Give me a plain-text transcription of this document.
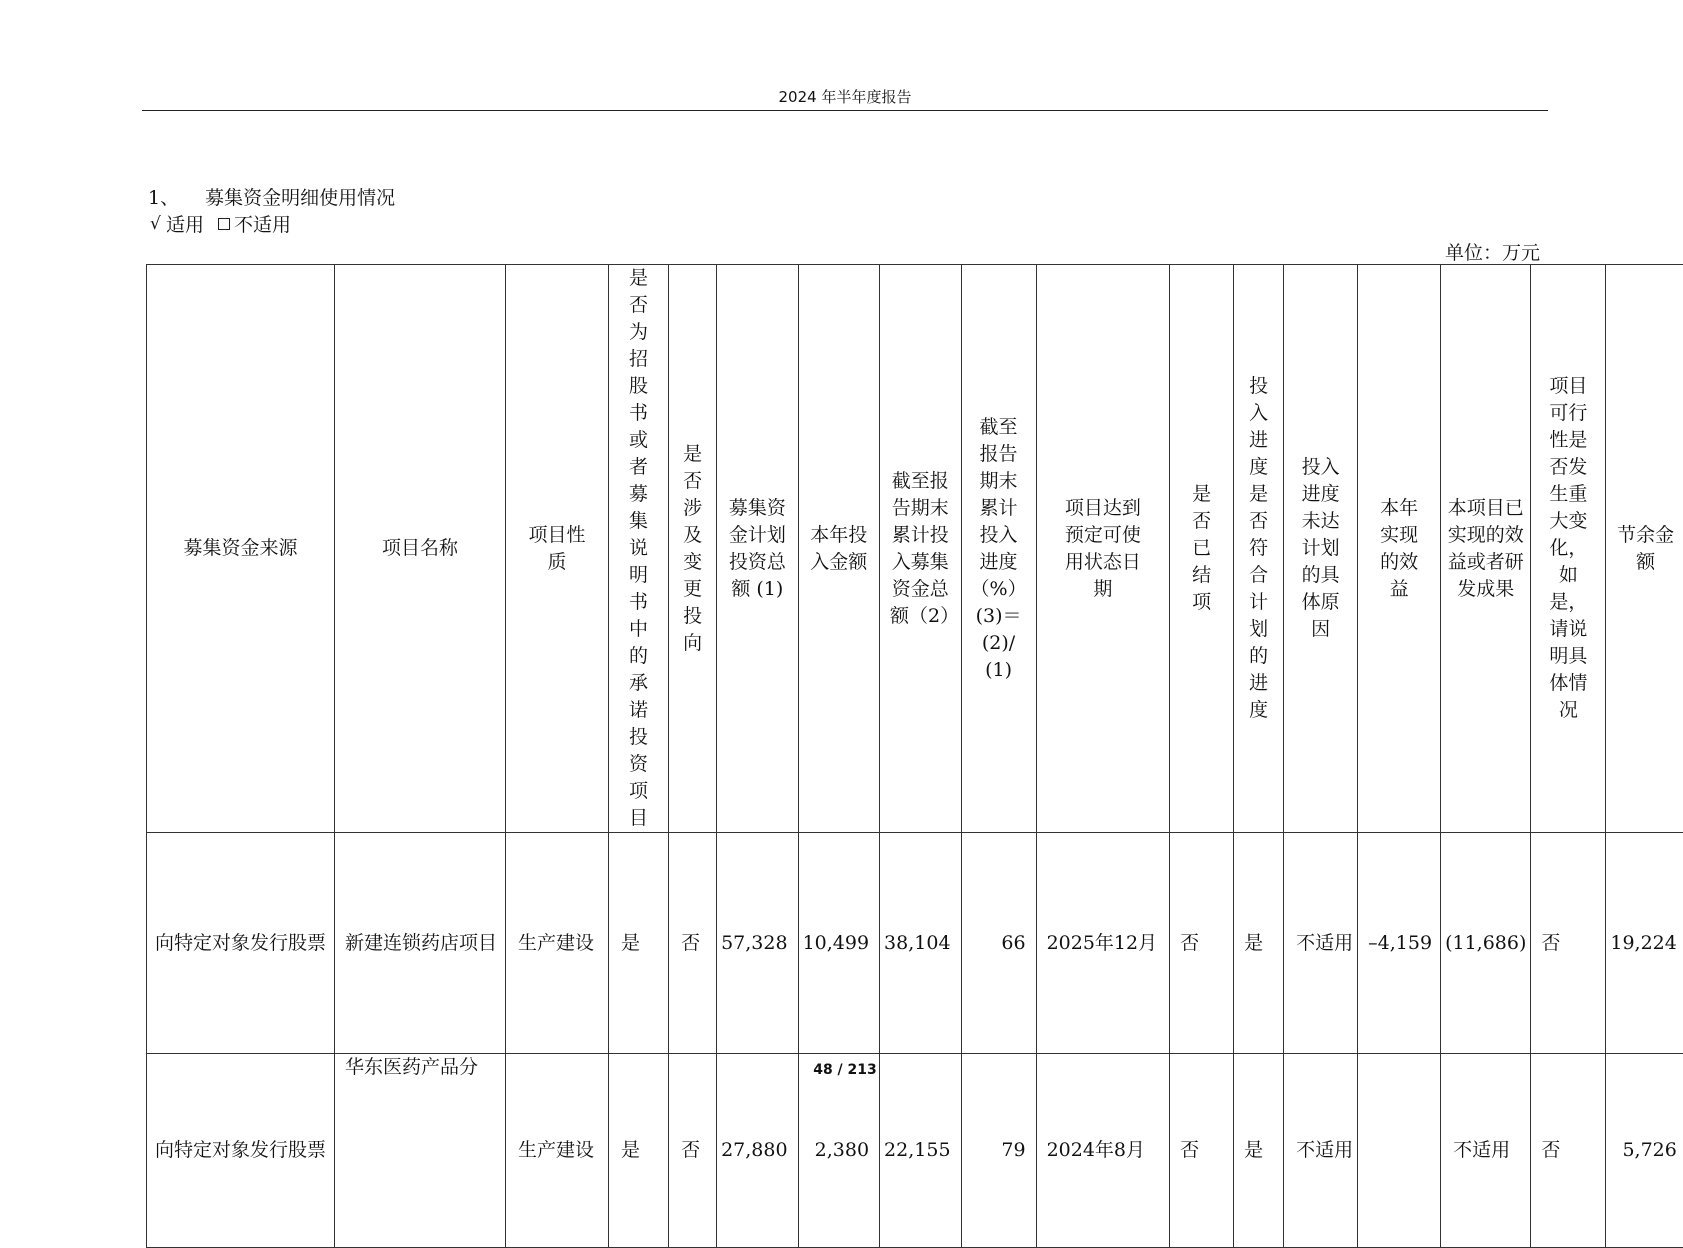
2024 年半年度报告
1、 募集资金明细使用情况
√ 适用 不适用
单位：万元
募集资金来源	项目名称	项目性质	是否为招股书或者募集说明书中的承诺投资项目	是否涉及变更投向	募集资金计划投资总额 (1)	本年投入金额	截至报告期末累计投入募集资金总额（2）	截至报告期末累计投入进度（%）(3)＝(2)/(1)	项目达到预定可使用状态日期	是否已结项	投入进度是否符合计划的进度	投入进度未达计划的具体原因	本年实现的效益	本项目已实现的效益或者研发成果	项目可行性是否发生重大变化，如是，请说明具体情况	节余金额
向特定对象发行股票	新建连锁药店项目	生产建设	是	否	57,328	10,499	38,104	66	2025年12月	否	是	不适用	–4,159	(11,686)	否	19,224
向特定对象发行股票	华东医药产品分	生产建设	是	否	27,880	2,380	22,155	79	2024年8月	否	是	不适用		不适用	否	5,726
48 / 213
